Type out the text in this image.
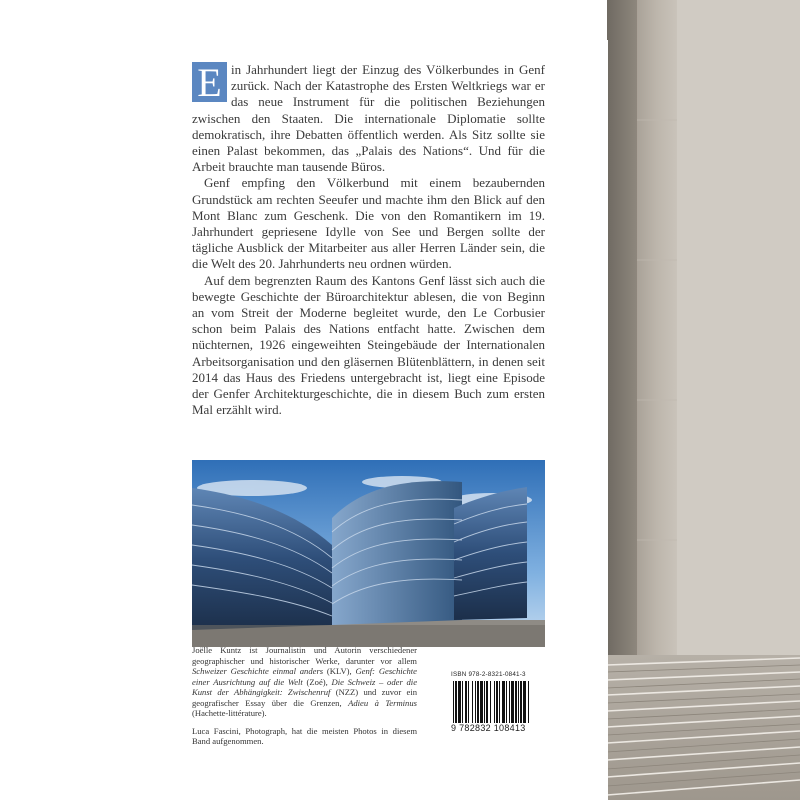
E in Jahrhundert liegt der Einzug des Völkerbundes in Genf zurück. Nach der Katastrophe des Ersten Weltkriegs war er das neue Instrument für die politischen Beziehungen zwischen den Staaten. Die internationale Diplomatie sollte demokratisch, ihre Debatten öffentlich werden. Als Sitz sollte sie einen Palast bekommen, das „Palais des Nations“. Und für die Arbeit brauchte man tausende Büros.

Genf empfing den Völkerbund mit einem bezaubernden Grundstück am rechten Seeufer und machte ihm den Blick auf den Mont Blanc zum Geschenk. Die von den Romantikern im 19. Jahrhundert gepriesene Idylle von See und Bergen sollte der tägliche Ausblick der Mitarbeiter aus aller Herren Länder sein, die die Welt des 20. Jahrhunderts neu ordnen würden.

Auf dem begrenzten Raum des Kantons Genf lässt sich auch die bewegte Geschichte der Büroarchitektur ablesen, die von Beginn an vom Streit der Moderne begleitet wurde, den Le Corbusier schon beim Palais des Nations entfacht hatte. Zwischen dem nüchternen, 1926 eingeweihten Steingebäude der Internationalen Arbeitsorganisation und den gläsernen Blütenblättern, in denen seit 2014 das Haus des Friedens untergebracht ist, liegt eine Episode der Genfer Architekturgeschichte, die in diesem Buch zum ersten Mal erzählt wird.

Joëlle Kuntz ist Journalistin und Autorin verschiedener geographischer und historischer Werke, darunter vor allem Schweizer Geschichte einmal anders (KLV), Genf: Geschichte einer Ausrichtung auf die Welt (Zoé), Die Schweiz – oder die Kunst der Abhängigkeit: Zwischenruf (NZZ) und zuvor ein geografischer Essay über die Grenzen, Adieu à Terminus (Hachette-littérature).

Luca Fascini, Photograph, hat die meisten Photos in diesem Band aufgenommen.

ISBN 978-2-8321-0841-3
9 782832 108413
